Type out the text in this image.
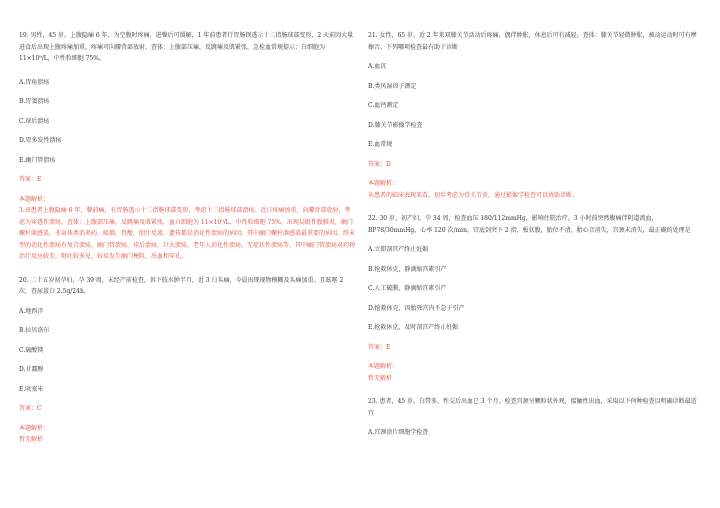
19. 男性，45 岁。上腹隐痛 6 年，为空腹时疼痛，进餐后可缓解，1 年前患者行胃肠钡透示十二指肠球部变形，2 天前因大量进食后出现上腹疼痛加重，疼痛可向腰背部放射，查体：上腹部压痛，反跳痛及肌紧张，急检血常规提示：白细胞为 11×10⁹/L，中性粒细胞 75%。

A.胃角溃疡

B.胃窦溃疡

C.球后溃疡

D.胃多发性溃疡

E.幽门管溃疡

答案：E

本题解析：

3.该患者上腹隐痛 6 年，餐前痛，有胃肠透示十二指肠球部变形，考虑十二指肠球部溃疡。近日疼痛加重，向腰背部放射，考虑为穿透性溃疡。查体：上腹部压痛，反跳痛及肌紧张，血白细胞为 11×10⁹/L，中性粒细胞 75%，出现局限性腹膜炎，幽门螺杆菌感染，非甾体类消炎药，吸烟，胃酸，胆汁反流，遗传都是消化性溃疡的病因。其中幽门螺杆菌感染最重要的病因，终末型的消化性溃疡有复合溃疡，幽门管溃疡，球后溃疡，巨大溃疡，老年人消化性溃疡，无症状性溃疡等，其中幽门管溃疡对药物治疗反应较差，呕吐较多见，较易发生幽门梗阻，出血和穿孔。

20. 二十五岁初孕妇，孕 39 周，末经产前检查，诉下肢水肿半月，近 3 日头痛，今晨出现视物模糊及头痛加重。且眩呕 2 次，查尿蛋白 2.5g/24h。

A.地西泮

B.拉贝洛尔

C.硫酸镁

D.甘露醇

E.呋塞米

答案：C

本题解析：

暂无解析

21. 女性，65 岁。近 2 年来双膝关节活动后疼痛、偶伴肿胀，休息后可有减轻。查体：膝关节轻微肿胀，被动运动时可有摩擦音。下列哪项检查最有助于诊断

A.血沉

B.类风湿因子测定

C.血钙测定

D.膝关节影像学检查

E.血常规

答案：D

本题解析：

从患者的临床表现来看，初步考虑为骨关节炎，通过影像学检查可以协助诊断。

22. 30 岁，初产妇，孕 34 周，检查血压 180/112mmHg，影响住院治疗。3 小时前突然腹痛伴阴道流血，BP78/30mmHg，心率 120 次/min，宫底剑突下 2 指，板状腹，胎位不清，胎心音消失，宫颈未消失，最正确的处理是

A.立即剖宫产终止妊娠

B.抢救休克，静滴缩宫素引产

C.人工破膜，静滴缩宫素引产

D.抢救休克，因胎死宫内不急于引产

E.抢救休克，及时剖宫产终止妊娠

答案：E

本题解析：

暂无解析

23. 患者，45 岁，白带多，性交后出血已 3 个月。检查宫颈呈颗粒状外观，接触性出血，采取以下何种检查以明确诊断最适宜

A.宫颈涂片细胞学检查
